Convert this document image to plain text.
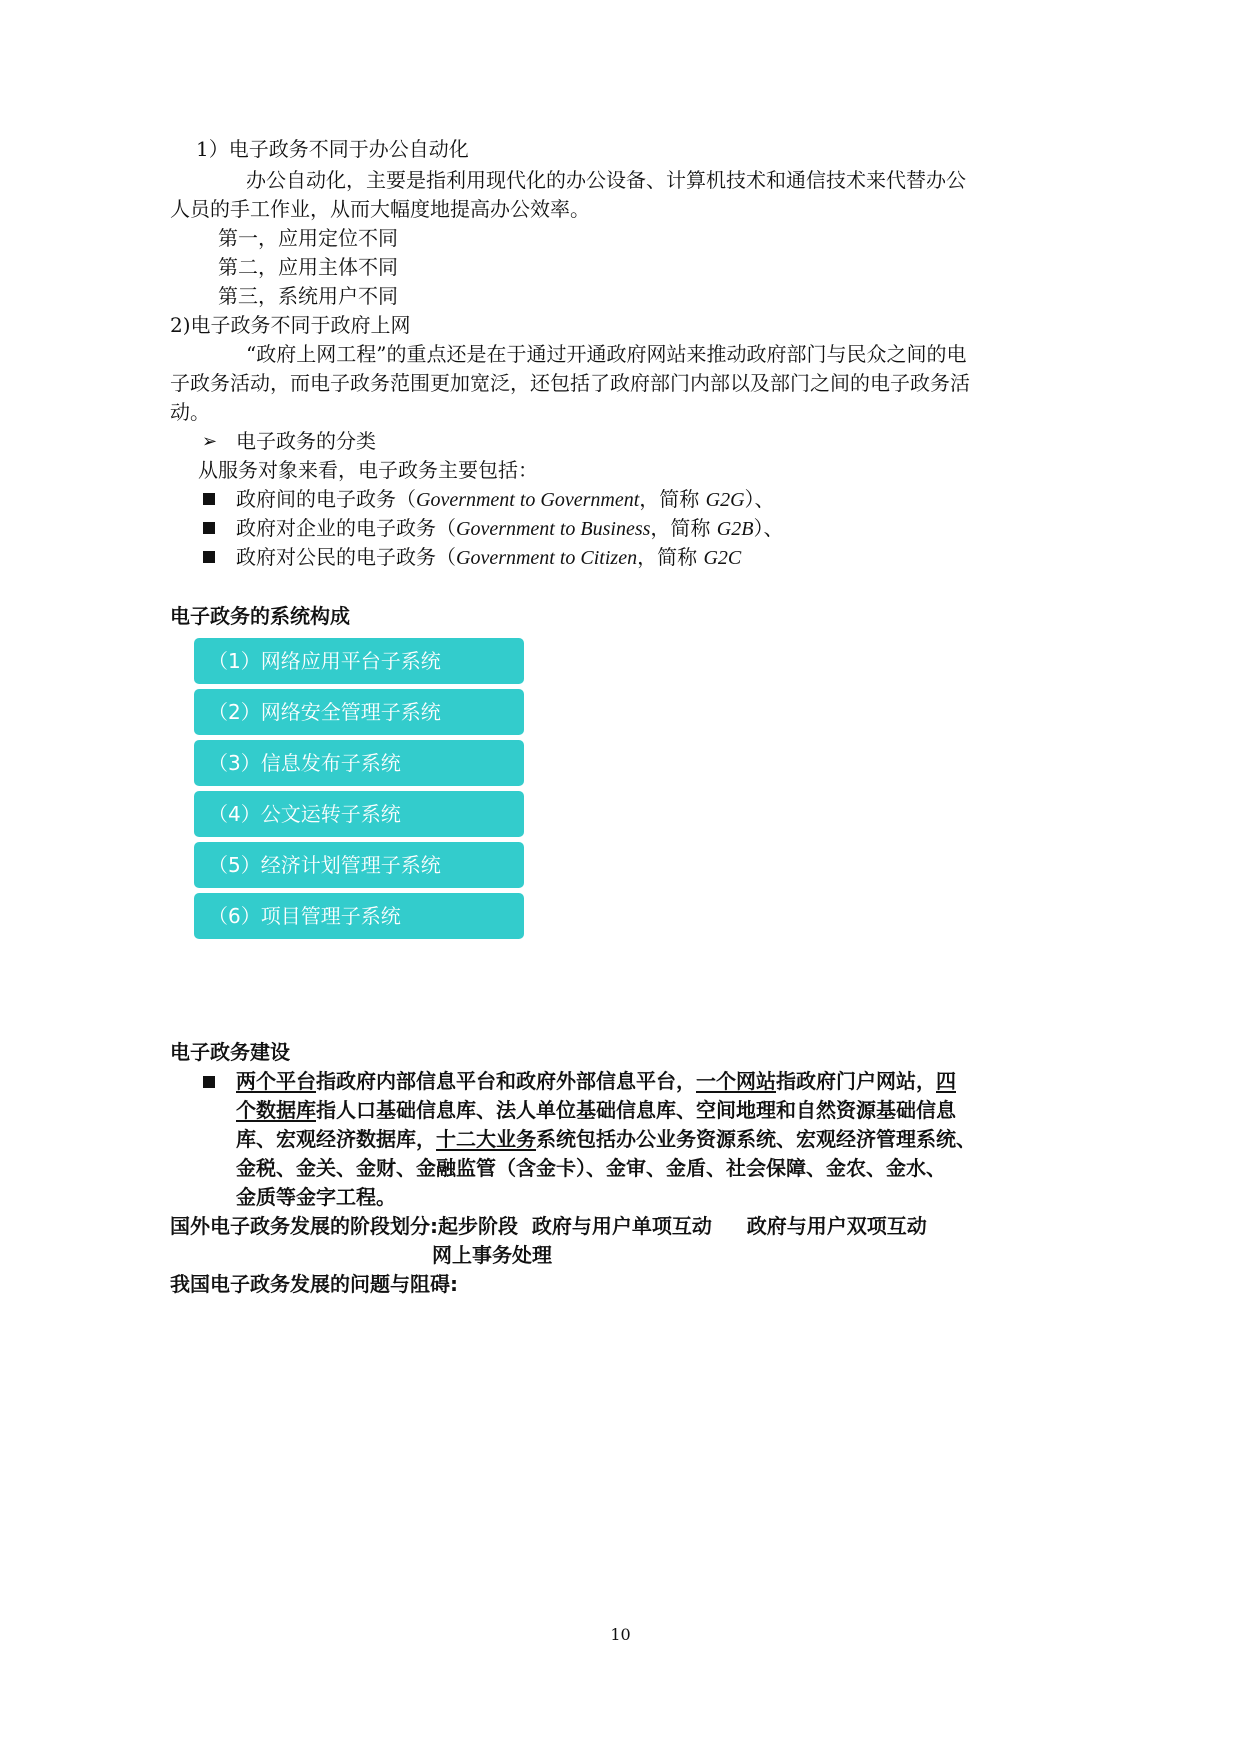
1）电子政务不同于办公自动化
办公自动化，主要是指利用现代化的办公设备、计算机技术和通信技术来代替办公
人员的手工作业，从而大幅度地提高办公效率。
第一，应用定位不同
第二，应用主体不同
第三，系统用户不同
2)电子政务不同于政府上网
“政府上网工程”的重点还是在于通过开通政府网站来推动政府部门与民众之间的电
子政务活动，而电子政务范围更加宽泛，还包括了政府部门内部以及部门之间的电子政务活
动。
➢ 电子政务的分类
从服务对象来看，电子政务主要包括：
政府间的电子政务（Government to Government，简称 G2G）、
政府对企业的电子政务（Government to Business，简称 G2B）、
政府对公民的电子政务（Government to Citizen，简称 G2C
电子政务的系统构成
（1）网络应用平台子系统
（2）网络安全管理子系统
（3）信息发布子系统
（4）公文运转子系统
（5）经济计划管理子系统
（6）项目管理子系统
电子政务建设
两个平台指政府内部信息平台和政府外部信息平台，一个网站指政府门户网站，四
个数据库指人口基础信息库、法人单位基础信息库、空间地理和自然资源基础信息
库、宏观经济数据库，十二大业务系统包括办公业务资源系统、宏观经济管理系统、
金税、金关、金财、金融监管（含金卡）、金审、金盾、社会保障、金农、金水、
金质等金字工程。
国外电子政务发展的阶段划分:起步阶段  政府与用户单项互动     政府与用户双项互动
网上事务处理
我国电子政务发展的问题与阻碍:
10
